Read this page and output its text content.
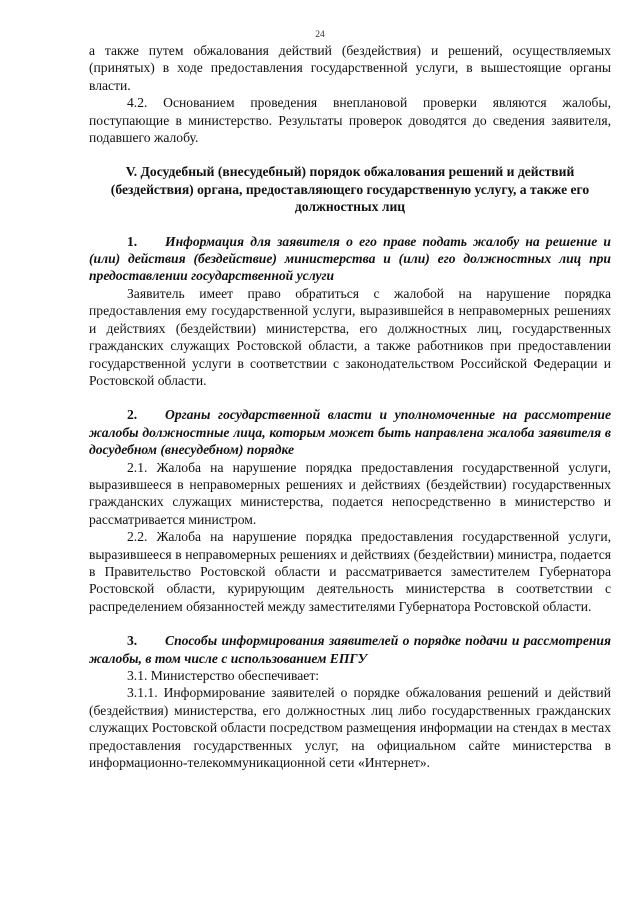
24

а также путем обжалования действий (бездействия) и решений, осуществляемых (принятых) в ходе предоставления государственной услуги, в вышестоящие органы власти.

4.2. Основанием проведения внеплановой проверки являются жалобы, поступающие в министерство. Результаты проверок доводятся до сведения заявителя, подавшего жалобу.

V. Досудебный (внесудебный) порядок обжалования решений и действий (бездействия) органа, предоставляющего государственную услугу, а также его должностных лиц

1. Информация для заявителя о его праве подать жалобу на решение и (или) действия (бездействие) министерства и (или) его должностных лиц при предоставлении государственной услуги

Заявитель имеет право обратиться с жалобой на нарушение порядка предоставления ему государственной услуги, выразившейся в неправомерных решениях и действиях (бездействии) министерства, его должностных лиц, государственных гражданских служащих Ростовской области, а также работников при предоставлении государственной услуги в соответствии с законодательством Российской Федерации и Ростовской области.

2. Органы государственной власти и уполномоченные на рассмотрение жалобы должностные лица, которым может быть направлена жалоба заявителя в досудебном (внесудебном) порядке

2.1. Жалоба на нарушение порядка предоставления государственной услуги, выразившееся в неправомерных решениях и действиях (бездействии) государственных гражданских служащих министерства, подается непосредственно в министерство и рассматривается министром.

2.2. Жалоба на нарушение порядка предоставления государственной услуги, выразившееся в неправомерных решениях и действиях (бездействии) министра, подается в Правительство Ростовской области и рассматривается заместителем Губернатора Ростовской области, курирующим деятельность министерства в соответствии с распределением обязанностей между заместителями Губернатора Ростовской области.

3. Способы информирования заявителей о порядке подачи и рассмотрения жалобы, в том числе с использованием ЕПГУ

3.1. Министерство обеспечивает:

3.1.1. Информирование заявителей о порядке обжалования решений и действий (бездействия) министерства, его должностных лиц либо государственных гражданских служащих Ростовской области посредством размещения информации на стендах в местах предоставления государственных услуг, на официальном сайте министерства в информационно-телекоммуникационной сети «Интернет».
